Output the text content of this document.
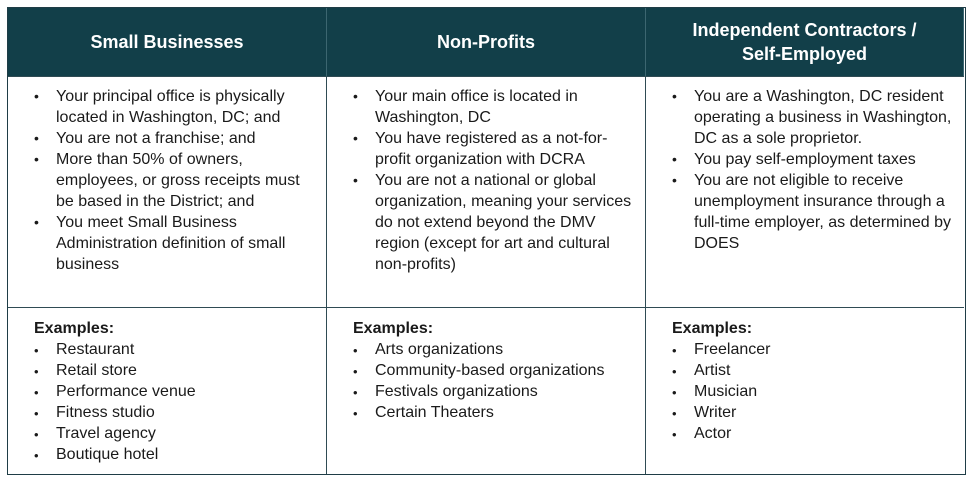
Small Businesses	Non-Profits
Independent Contractors /
Self-Employed
• Your principal office is physically located in Washington, DC; and
• You are not a franchise; and
• More than 50% of owners, employees, or gross receipts must be based in the District; and
• You meet Small Business Administration definition of small business
• Your main office is located in Washington, DC
• You have registered as a not-for-profit organization with DCRA
• You are not a national or global organization, meaning your services do not extend beyond the DMV region (except for art and cultural non-profits)
• You are a Washington, DC resident operating a business in Washington, DC as a sole proprietor.
• You pay self-employment taxes
• You are not eligible to receive unemployment insurance through a full-time employer, as determined by DOES

Examples:

• Restaurant
• Retail store
• Performance venue
• Fitness studio
• Travel agency
• Boutique hotel

Examples:

• Arts organizations
• Community-based organizations
• Festivals organizations
• Certain Theaters

Examples:

• Freelancer
• Artist
• Musician
• Writer
• Actor
